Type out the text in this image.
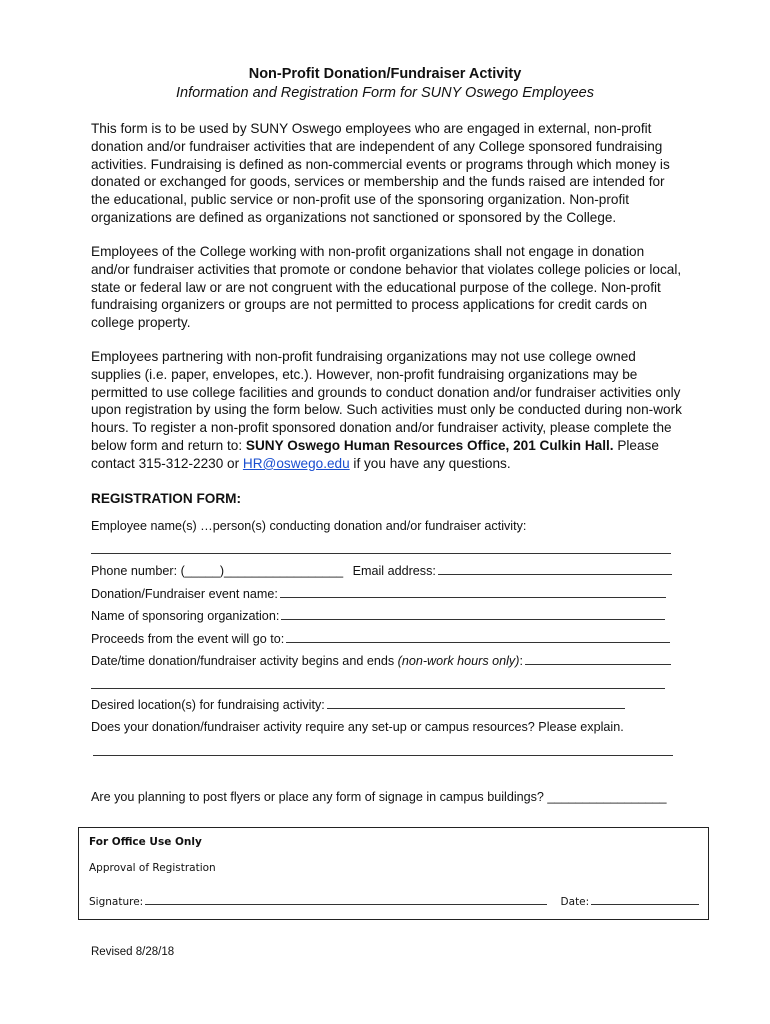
Non-Profit Donation/Fundraiser Activity
Information and Registration Form for SUNY Oswego Employees

This form is to be used by SUNY Oswego employees who are engaged in external, non-profit donation and/or fundraiser activities that are independent of any College sponsored fundraising activities. Fundraising is defined as non-commercial events or programs through which money is donated or exchanged for goods, services or membership and the funds raised are intended for the educational, public service or non-profit use of the sponsoring organization. Non-profit organizations are defined as organizations not sanctioned or sponsored by the College.

Employees of the College working with non-profit organizations shall not engage in donation and/or fundraiser activities that promote or condone behavior that violates college policies or local, state or federal law or are not congruent with the educational purpose of the college. Non-profit fundraising organizers or groups are not permitted to process applications for credit cards on college property.

Employees partnering with non-profit fundraising organizations may not use college owned supplies (i.e. paper, envelopes, etc.). However, non-profit fundraising organizations may be permitted to use college facilities and grounds to conduct donation and/or fundraiser activities only upon registration by using the form below. Such activities must only be conducted during non-work hours. To register a non-profit sponsored donation and/or fundraiser activity, please complete the below form and return to: SUNY Oswego Human Resources Office, 201 Culkin Hall. Please contact 315-312-2230 or HR@oswego.edu if you have any questions.

REGISTRATION FORM:
Employee name(s) …person(s) conducting donation and/or fundraiser activity:
Phone number: (_____)_________________ Email address:
Donation/Fundraiser event name:
Name of sponsoring organization:
Proceeds from the event will go to:
Date/time donation/fundraiser activity begins and ends (non-work hours only):
Desired location(s) for fundraising activity:
Does your donation/fundraiser activity require any set-up or campus resources? Please explain.
Are you planning to post flyers or place any form of signage in campus buildings? _________________
For Office Use Only
Approval of Registration
Signature:	Date:
Revised 8/28/18
